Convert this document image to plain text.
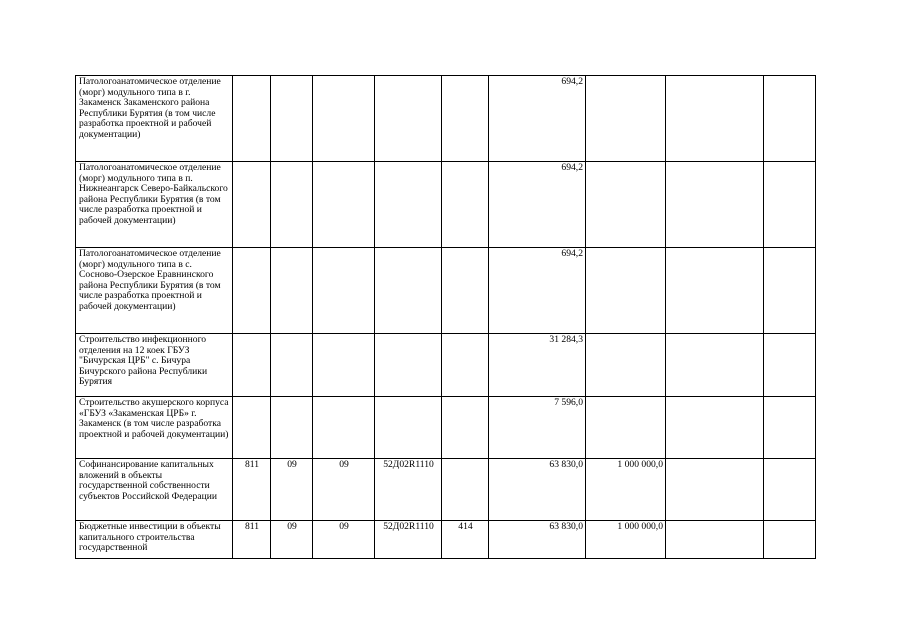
Патологоанатомическое отделение (морг) модульного типа в г. Закаменск Закаменского района Республики Бурятия (в том числе разработка проектной и рабочей документации)						694,2			
Патологоанатомическое отделение (морг) модульного типа в п. Нижнеангарск Северо-Байкальского района Республики Бурятия (в том числе разработка проектной и рабочей документации)						694,2			
Патологоанатомическое отделение (морг) модульного типа в с. Сосново-Озерское Еравнинского района Республики Бурятия (в том числе разработка проектной и рабочей документации)						694,2			
Строительство инфекционного отделения на 12 коек ГБУЗ "Бичурская ЦРБ" с. Бичура Бичурского района Республики Бурятия						31 284,3			
Строительство акушерского корпуса «ГБУЗ «Закаменская ЦРБ» г. Закаменск (в том числе разработка проектной и рабочей документации)						7 596,0			
Софинансирование капитальных вложений в объекты государственной собственности субъектов Российской Федерации	811	09	09	52Д02R1110		63 830,0	1 000 000,0		
Бюджетные инвестиции в объекты капитального строительства государственной	811	09	09	52Д02R1110	414	63 830,0	1 000 000,0		
